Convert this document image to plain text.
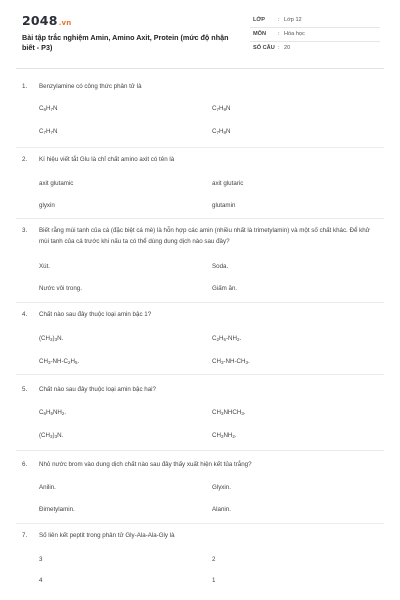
2048.vn
Bài tập trắc nghiệm Amin, Amino Axit, Protein (mức độ nhận biết - P3)
LỚP : Lớp 12
MÔN : Hóa học
SỐ CÂU : 20
1. Benzylamine có công thức phân tử là
$C_6H_7N$	$C_7H_9N$
$C_7H_7N$	$C_7H_8N$
2. Kí hiệu viết tắt Glu là chỉ chất amino axit có tên là
axit glutamic	axit glutaric
glyxin	glutamin
3. Biết rằng mùi tanh của cá (đặc biệt cá mè) là hỗn hợp các amin (nhiều nhất là trimetylamin) và một số chất khác. Để khử mùi tanh của cá trước khi nấu ta có thể dùng dung dịch nào sau đây?
Xút.	Soda.
Nước vôi trong.	Giấm ăn.
4. Chất nào sau đây thuộc loại amin bậc 1?
$(CH_3)_3N$.	$C_2H_5-NH_2$.
$CH_3-NH-C_2H_5$.	$CH_3-NH-CH_3$.
5. Chất nào sau đây thuộc loại amin bậc hai?
$C_6H_5NH_2$.	$CH_3NHCH_3$.
$(CH_3)_3N$.	$CH_3NH_2$.
6. Nhỏ nước brom vào dung dịch chất nào sau đây thấy xuất hiện kết tủa trắng?
Anilin.	Glyxin.
Đimetylamin.	Alanin.
7. Số liên kết peptit trong phân tử Gly-Ala-Ala-Gly là
3	2
4	1
